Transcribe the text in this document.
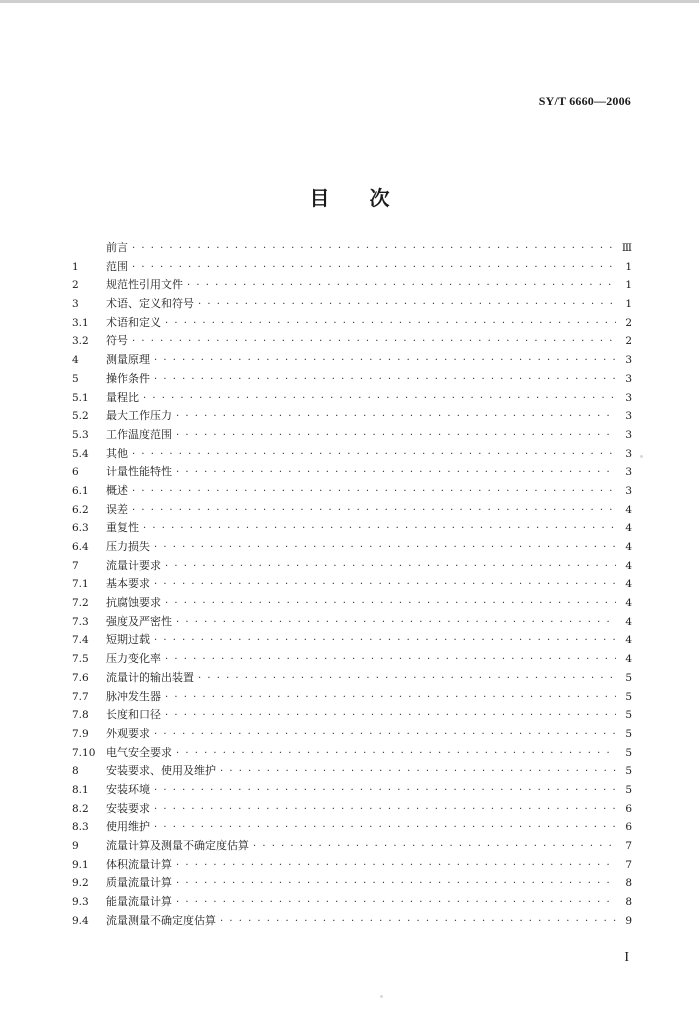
SY/T 6660—2006
目 次
前言 · · ·	Ⅲ
1	范围 · · ·	1
2	规范性引用文件 · · ·	1
3	术语、定义和符号 · · ·	1
3.1	术语和定义 · · ·	2
3.2	符号 · · ·	2
4	测量原理 · · ·	3
5	操作条件 · · ·	3
5.1	量程比 · · ·	3
5.2	最大工作压力 · · ·	3
5.3	工作温度范围 · · ·	3
5.4	其他 · · ·	3
6	计量性能特性 · · ·	3
6.1	概述 · · ·	3
6.2	误差 · · ·	4
6.3	重复性 · · ·	4
6.4	压力损失 · · ·	4
7	流量计要求 · · ·	4
7.1	基本要求 · · ·	4
7.2	抗腐蚀要求 · · ·	4
7.3	强度及严密性 · · ·	4
7.4	短期过载 · · ·	4
7.5	压力变化率 · · ·	4
7.6	流量计的输出装置 · · ·	5
7.7	脉冲发生器 · · ·	5
7.8	长度和口径 · · ·	5
7.9	外观要求 · · ·	5
7.10 电气安全要求 · · ·	5
8	安装要求、使用及维护 · · ·	5
8.1	安装环境 · · ·	5
8.2	安装要求 · · ·	6
8.3	使用维护 · · ·	6
9	流量计算及测量不确定度估算 · · ·	7
9.1	体积流量计算 · · ·	7
9.2	质量流量计算 · · ·	8
9.3	能量流量计算 · · ·	8
9.4	流量测量不确定度估算 · · ·	9
I
